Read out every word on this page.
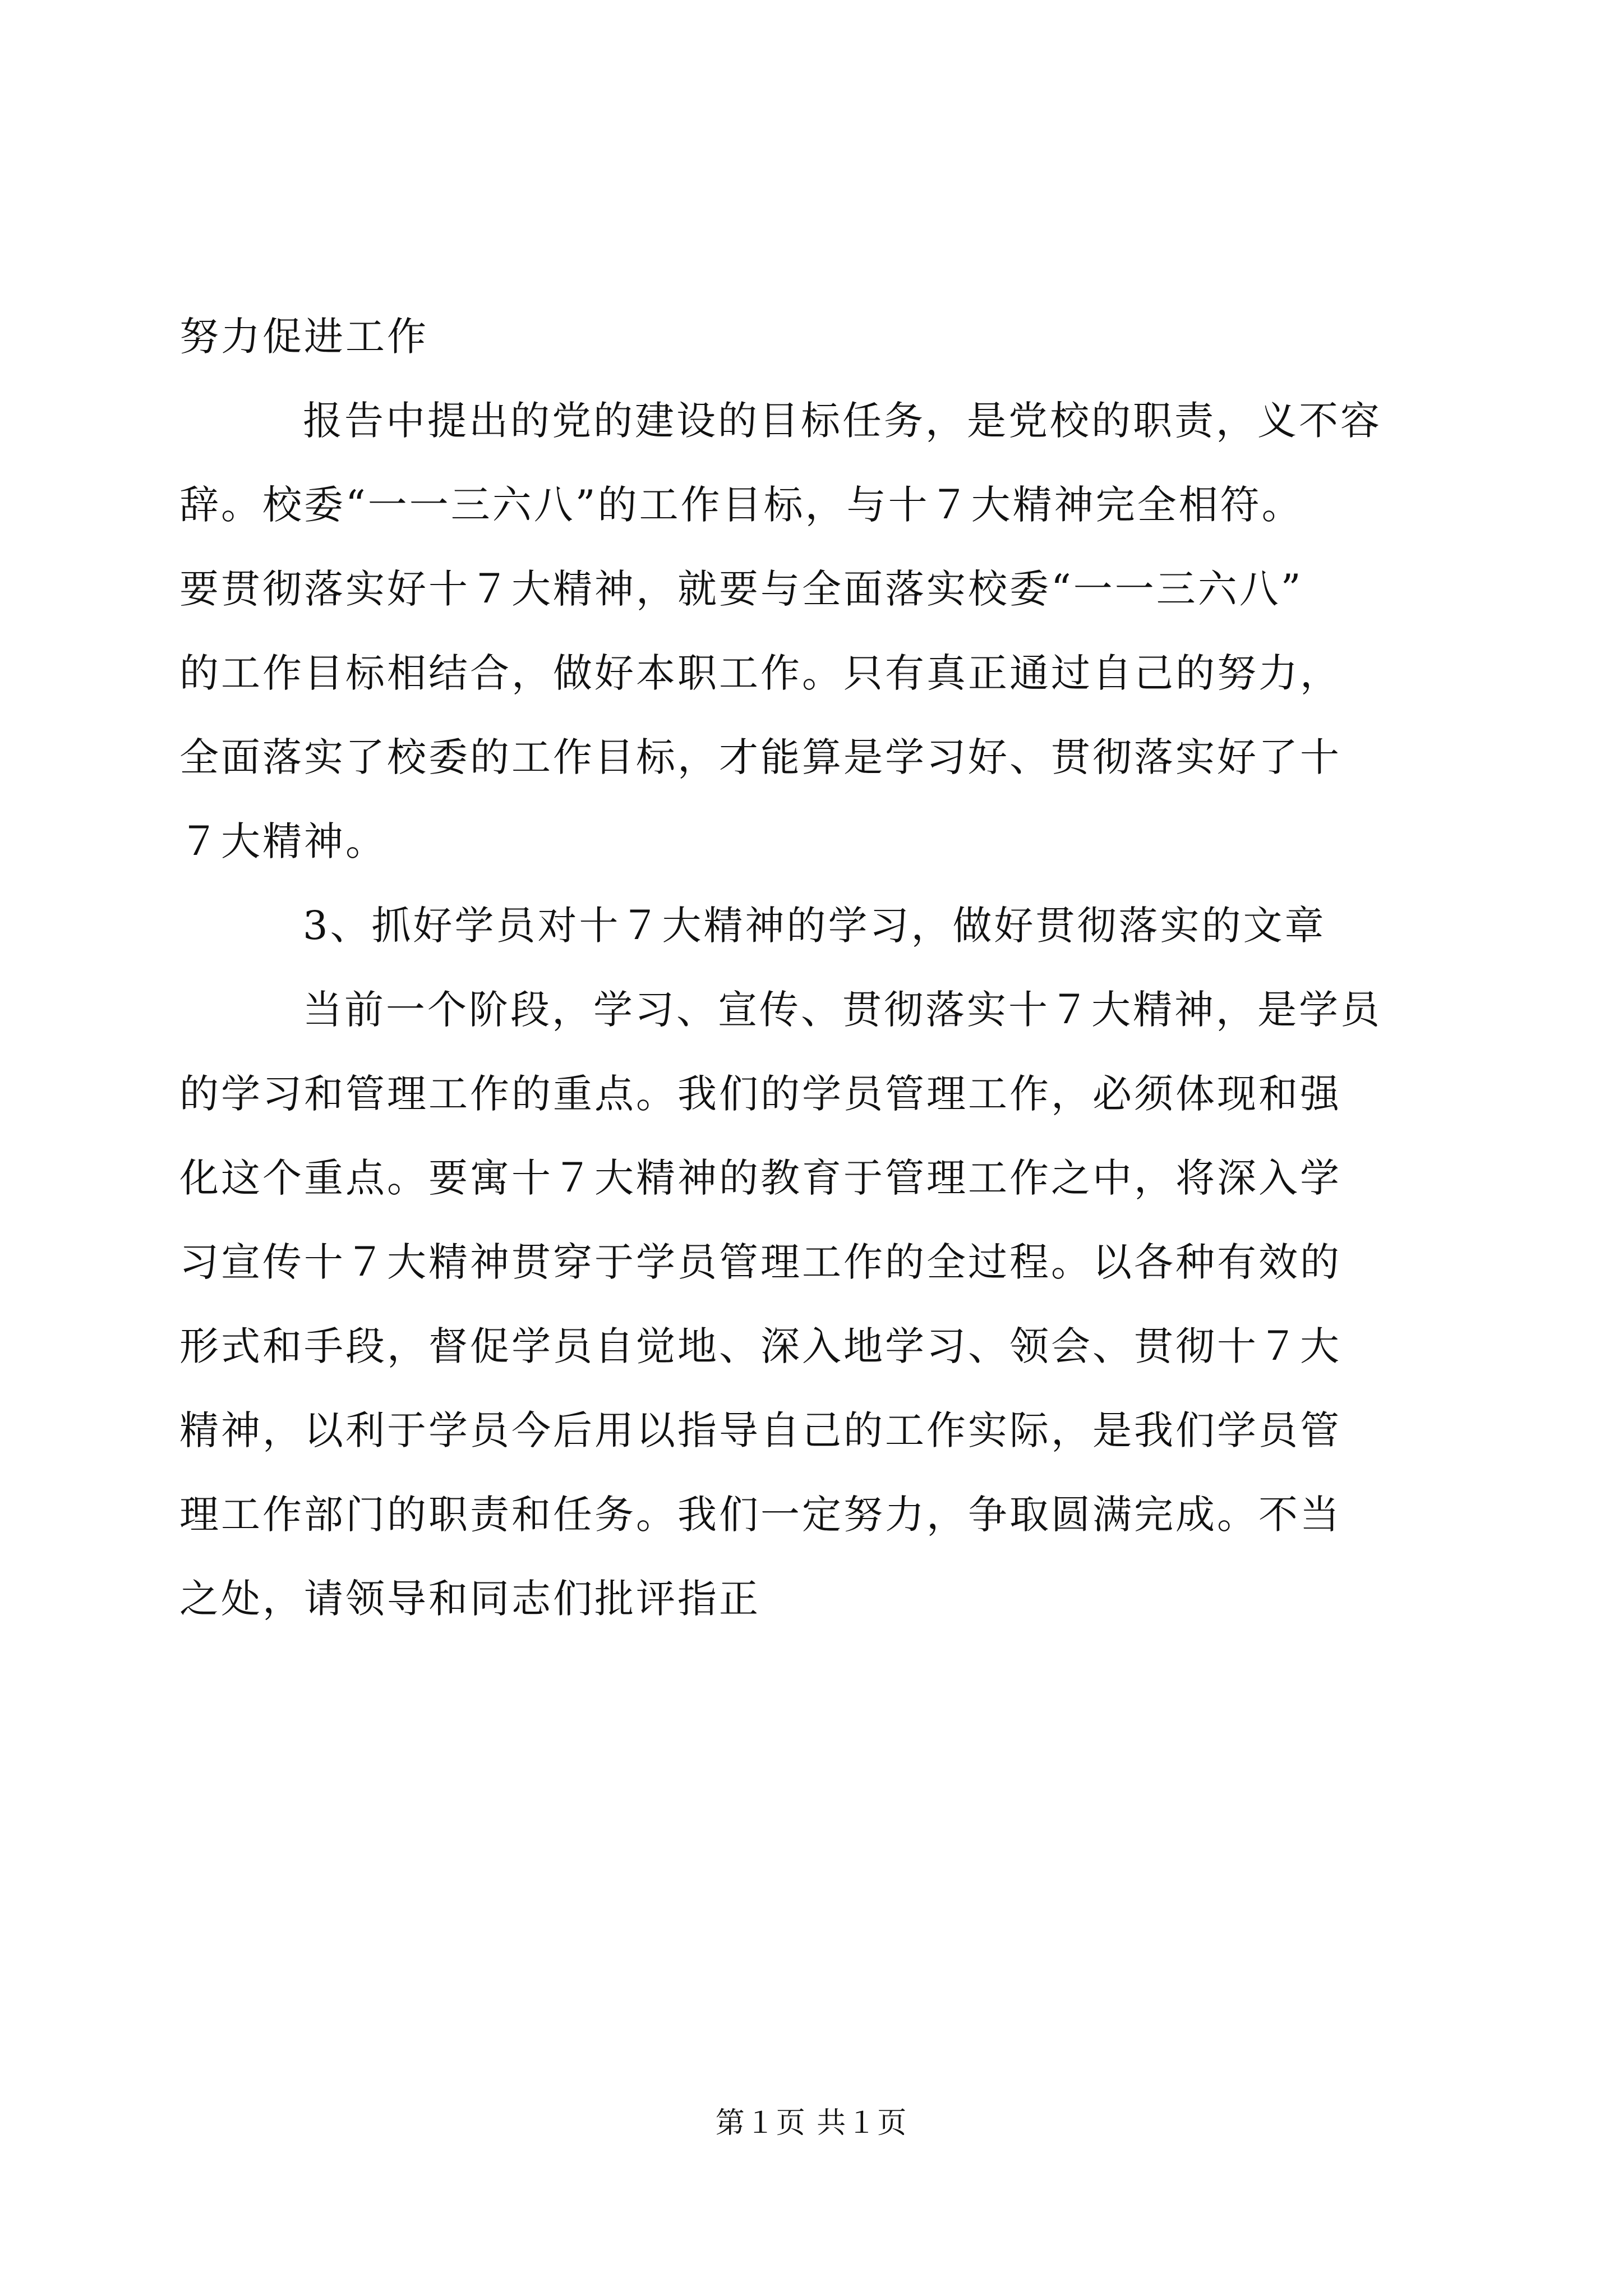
努力促进工作
报告中提出的党的建设的目标任务，是党校的职责，义不容
辞。校委“一一三六八”的工作目标，与十７大精神完全相符。
要贯彻落实好十７大精神，就要与全面落实校委“一一三六八”
的工作目标相结合，做好本职工作。只有真正通过自己的努力，
全面落实了校委的工作目标，才能算是学习好、贯彻落实好了十
７大精神。
3、抓好学员对十７大精神的学习，做好贯彻落实的文章
当前一个阶段，学习、宣传、贯彻落实十７大精神，是学员
的学习和管理工作的重点。我们的学员管理工作，必须体现和强
化这个重点。要寓十７大精神的教育于管理工作之中，将深入学
习宣传十７大精神贯穿于学员管理工作的全过程。以各种有效的
形式和手段，督促学员自觉地、深入地学习、领会、贯彻十７大
精神，以利于学员今后用以指导自己的工作实际，是我们学员管
理工作部门的职责和任务。我们一定努力，争取圆满完成。不当
之处，请领导和同志们批评指正
第１页 共１页
